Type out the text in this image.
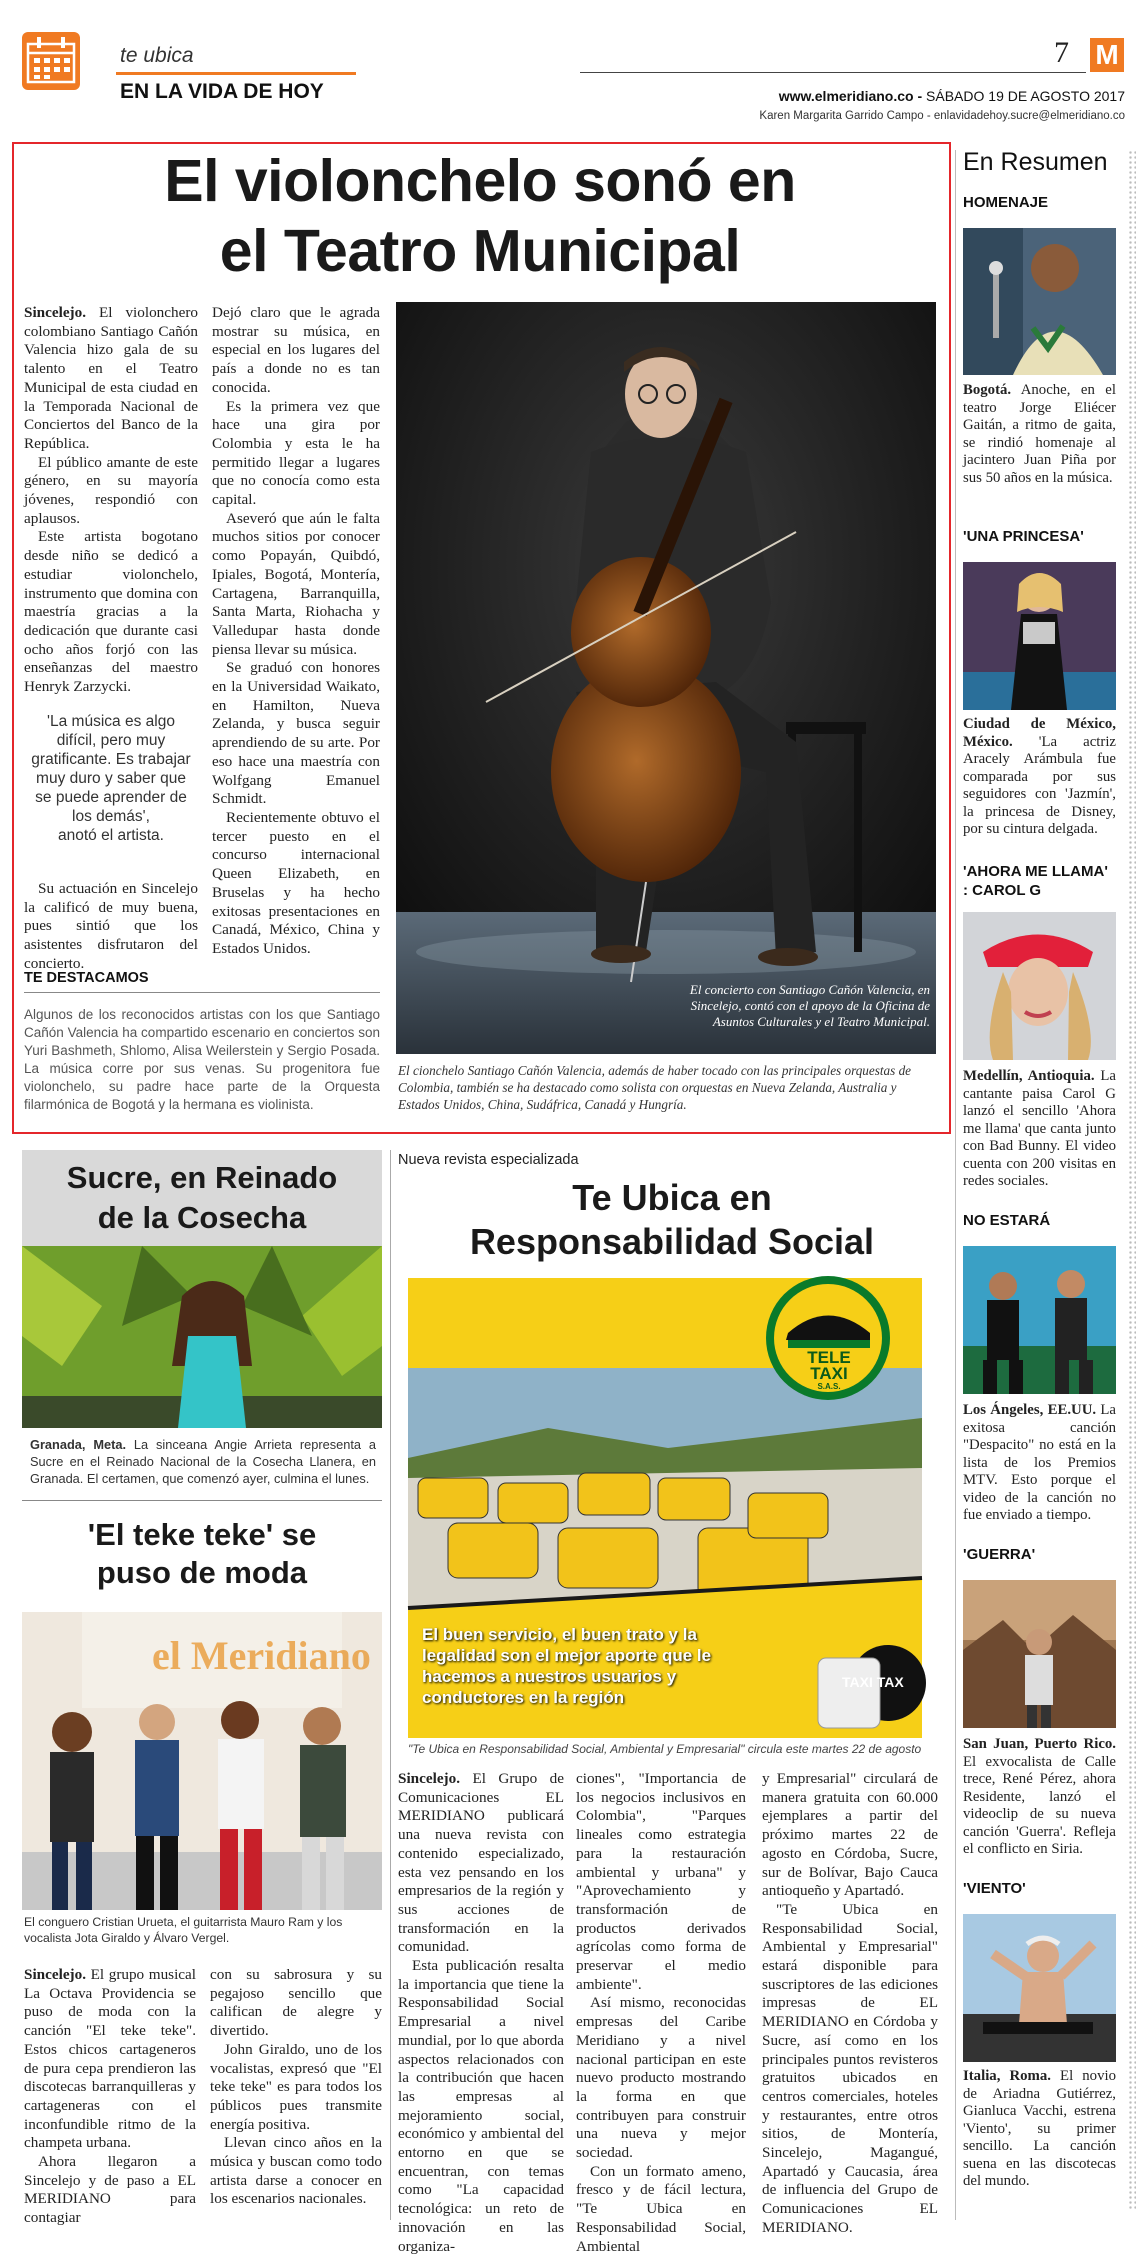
te ubica
EN LA VIDA DE HOY
7 M
www.elmeridiano.co - SÁBADO 19 DE AGOSTO 2017
Karen Margarita Garrido Campo - enlavidadehoy.sucre@elmeridiano.co
El violonchelo sonó en
el Teatro Municipal

Sincelejo. El violonchero colombiano Santiago Cañón Valencia hizo gala de su talento en el Teatro Municipal de esta ciudad en la Temporada Nacional de Conciertos del Banco de la República.

El público amante de este género, en su mayoría jóvenes, respondió con aplausos.

Este artista bogotano desde niño se dedicó a estudiar violonchelo, instrumento que domina con maestría gracias a la dedicación que durante casi ocho años forjó con las enseñanzas del maestro Henryk Zarzycki.

'La música es algo difícil, pero muy gratificante. Es trabajar muy duro y saber que se puede aprender de los demás',
anotó el artista.

Su actuación en Sincelejo la calificó de muy buena, pues sintió que los asistentes disfrutaron del concierto.

Dejó claro que le agrada mostrar su música, en especial en los lugares del país a donde no es tan conocida.

Es la primera vez que hace una gira por Colombia y esta le ha permitido llegar a lugares que no conocía como esta capital.

Aseveró que aún le falta muchos sitios por conocer como Popayán, Quibdó, Ipiales, Bogotá, Montería, Cartagena, Barranquilla, Santa Marta, Riohacha y Valledupar hasta donde piensa llevar su música.

Se graduó con honores en la Universidad Waikato, en Hamilton, Nueva Zelanda, y busca seguir aprendiendo de su arte. Por eso hace una maestría con Wolfgang Emanuel Schmidt.

Recientemente obtuvo el tercer puesto en el concurso internacional Queen Elizabeth, en Bruselas y ha hecho exitosas presentaciones en Canadá, México, China y Estados Unidos.

El concierto con Santiago Cañón Valencia, en Sincelejo, contó con el apoyo de la Oficina de Asuntos Culturales y el Teatro Municipal.
El cionchelo Santiago Cañón Valencia, además de haber tocado con las principales orquestas de Colombia, también se ha destacado como solista con orquestas en Nueva Zelanda, Australia y Estados Unidos, China, Sudáfrica, Canadá y Hungría.
TE DESTACAMOS
Algunos de los reconocidos artistas con los que Santiago Cañón Valencia ha compartido escenario en conciertos son Yuri Bashmeth, Shlomo, Alisa Weilerstein y Sergio Posada. La música corre por sus venas. Su progenitora fue violonchelo, su padre hace parte de la Orquesta filarmónica de Bogotá y la hermana es violinista.
En Resumen
HOMENAJE
Bogotá. Anoche, en el teatro Jorge Eliécer Gaitán, a ritmo de gaita, se rindió homenaje al jacintero Juan Piña por sus 50 años en la música.
'UNA PRINCESA'
Ciudad de México, México. 'La actriz Aracely Arámbula fue comparada por sus seguidores con 'Jazmín', la princesa de Disney, por su cintura delgada.
'AHORA ME LLAMA' : CAROL G
Medellín, Antioquia. La cantante paisa Carol G lanzó el sencillo 'Ahora me llama' que canta junto con Bad Bunny. El video cuenta con 200 visitas en redes sociales.
NO ESTARÁ
Los Ángeles, EE.UU. La exitosa canción "Despacito" no está en la lista de los Premios MTV. Esto porque el video de la canción no fue enviado a tiempo.
'GUERRA'
San Juan, Puerto Rico. El exvocalista de Calle trece, René Pérez, ahora Residente, lanzó el videoclip de su nueva canción 'Guerra'. Refleja el conflicto en Siria.
'VIENTO'
Italia, Roma. El novio de Ariadna Gutiérrez, Gianluca Vacchi, estrena 'Viento', su primer sencillo. La canción suena en las discotecas del mundo.
Sucre, en Reinado
de la Cosecha
Granada, Meta. La sinceana Angie Arrieta representa a Sucre en el Reinado Nacional de la Cosecha Llanera, en Granada. El certamen, que comenzó ayer, culmina el lunes.
'El teke teke' se
puso de moda
el Meridiano
El conguero Cristian Urueta, el guitarrista Mauro Ram y los vocalista Jota Giraldo y Álvaro Vergel.

Sincelejo. El grupo musical La Octava Providencia se puso de moda con la canción "El teke teke". Estos chicos cartageneros de pura cepa prendieron las discotecas barranquilleras y cartageneras con el inconfundible ritmo de la champeta urbana.

Ahora llegaron a Sincelejo y de paso a EL MERIDIANO para contagiar

con su sabrosura y su pegajoso sencillo que califican de alegre y divertido.

John Giraldo, uno de los vocalistas, expresó que "El teke teke" es para todos los públicos pues transmite energía positiva.

Llevan cinco años en la música y buscan como todo artista darse a conocer en los escenarios nacionales.

Nueva revista especializada
Te Ubica en
Responsabilidad Social
TELE
TAXI
S.A.S.
El buen servicio, el buen trato y la legalidad son el mejor aporte que le hacemos a nuestros usuarios y conductores en la región
TAXI TAX
"Te Ubica en Responsabilidad Social, Ambiental y Empresarial" circula este martes 22 de agosto

Sincelejo. El Grupo de Comunicaciones EL MERIDIANO publicará una nueva revista con contenido especializado, esta vez pensando en los empresarios de la región y sus acciones de transformación en la comunidad.

Esta publicación resalta la importancia que tiene la Responsabilidad Social Empresarial a nivel mundial, por lo que aborda aspectos relacionados con la contribución que hacen las empresas al mejoramiento social, económico y ambiental del entorno en que se encuentran, con temas como "La capacidad tecnológica: un reto de innovación en las organiza-

ciones", "Importancia de los negocios inclusivos en Colombia", "Parques lineales como estrategia para la restauración ambiental y urbana" y "Aprovechamiento y transformación de productos derivados agrícolas como forma de preservar el medio ambiente".

Así mismo, reconocidas empresas del Caribe Meridiano y a nivel nacional participan en este nuevo producto mostrando la forma en que contribuyen para construir una nueva y mejor sociedad.

Con un formato ameno, fresco y de fácil lectura, "Te Ubica en Responsabilidad Social, Ambiental

y Empresarial" circulará de manera gratuita con 60.000 ejemplares a partir del próximo martes 22 de agosto en Córdoba, Sucre, sur de Bolívar, Bajo Cauca antioqueño y Apartadó.

"Te Ubica en Responsabilidad Social, Ambiental y Empresarial" estará disponible para suscriptores de las ediciones impresas de EL MERIDIANO en Córdoba y Sucre, así como en los principales puntos revisteros gratuitos ubicados en centros comerciales, hoteles y restaurantes, entre otros sitios, de Montería, Sincelejo, Magangué, Apartadó y Caucasia, área de influencia del Grupo de Comunicaciones EL MERIDIANO.
